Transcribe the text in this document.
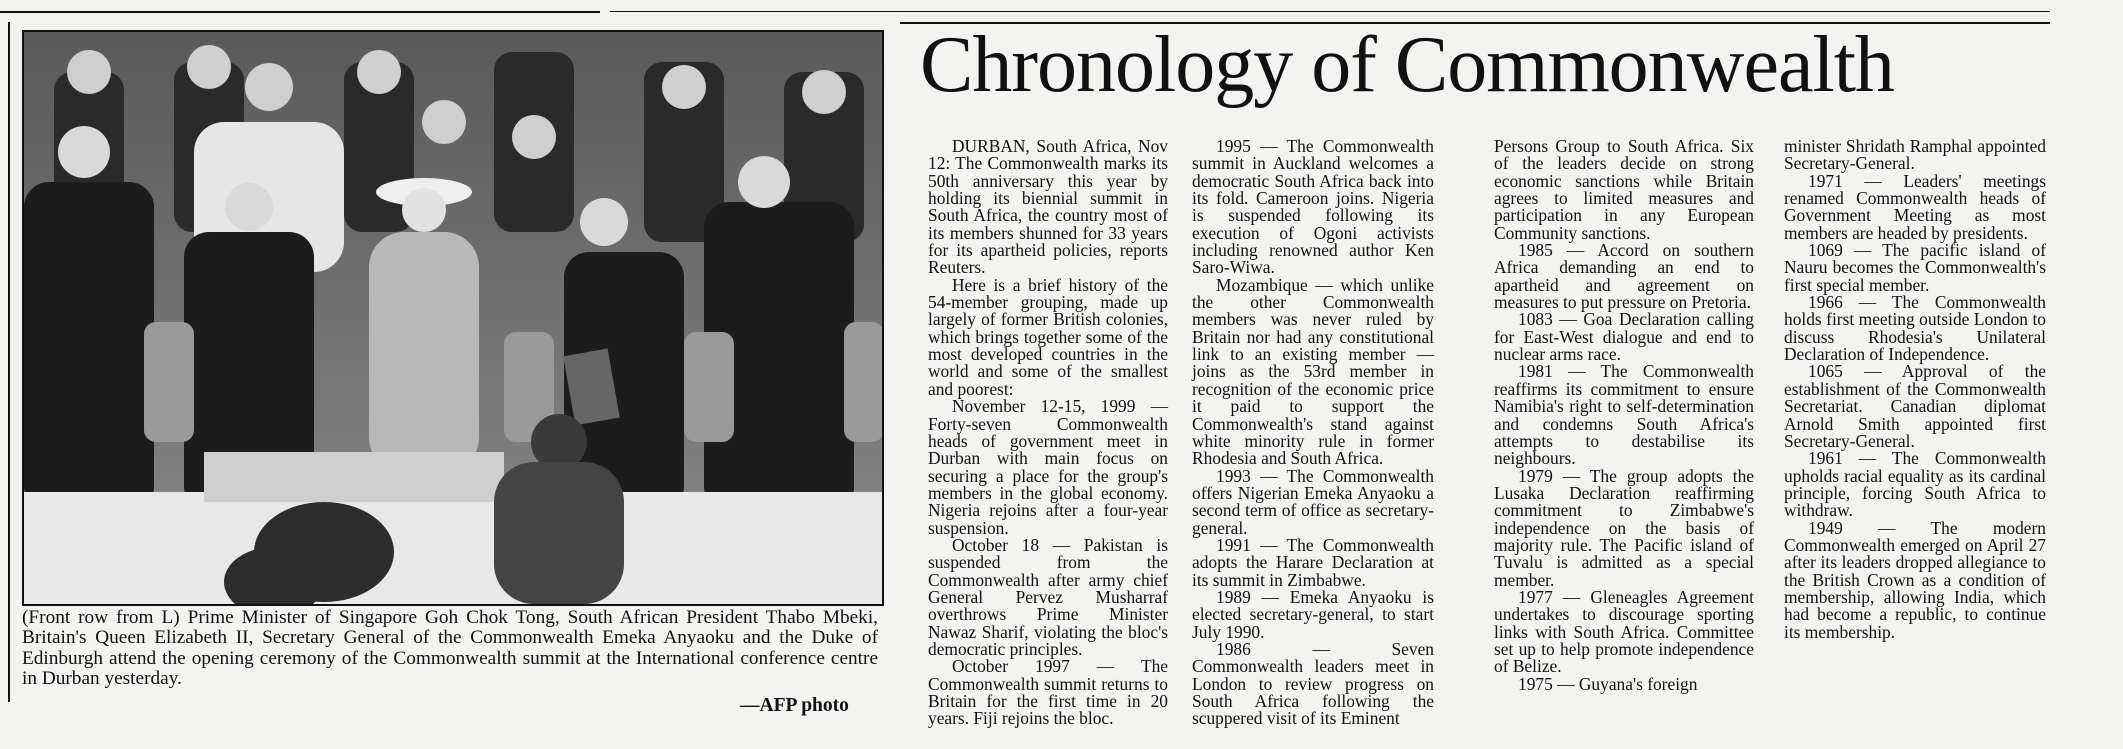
(Front row from L) Prime Minister of Singapore Goh Chok Tong, South African President Thabo Mbeki, Britain's Queen Elizabeth II, Secretary General of the Commonwealth Emeka Anyaoku and the Duke of Edinburgh attend the opening ceremony of the Commonwealth summit at the International conference centre in Durban yesterday.
—AFP photo
Chronology of Commonwealth

DURBAN, South Africa, Nov 12: The Commonwealth marks its 50th anniversary this year by holding its biennial summit in South Africa, the country most of its members shunned for 33 years for its apartheid policies, reports Reuters.

Here is a brief history of the 54-member grouping, made up largely of former British colonies, which brings together some of the most developed countries in the world and some of the smallest and poorest:

November 12-15, 1999 — Forty-seven Commonwealth heads of government meet in Durban with main focus on securing a place for the group's members in the global economy. Nigeria rejoins after a four-year suspension.

October 18 — Pakistan is suspended from the Commonwealth after army chief General Pervez Musharraf overthrows Prime Minister Nawaz Sharif, violating the bloc's democratic principles.

October 1997 — The Commonwealth summit returns to Britain for the first time in 20 years. Fiji rejoins the bloc.

1995 — The Commonwealth summit in Auckland welcomes a democratic South Africa back into its fold. Cameroon joins. Nigeria is suspended following its execution of Ogoni activists including renowned author Ken Saro-Wiwa.

Mozambique — which unlike the other Commonwealth members was never ruled by Britain nor had any constitutional link to an existing member — joins as the 53rd member in recognition of the economic price it paid to support the Commonwealth's stand against white minority rule in former Rhodesia and South Africa.

1993 — The Commonwealth offers Nigerian Emeka Anyaoku a second term of office as secretary-general.

1991 — The Commonwealth adopts the Harare Declaration at its summit in Zimbabwe.

1989 — Emeka Anyaoku is elected secretary-general, to start July 1990.

1986 — Seven Commonwealth leaders meet in London to review progress on South Africa following the scuppered visit of its Eminent

Persons Group to South Africa. Six of the leaders decide on strong economic sanctions while Britain agrees to limited measures and participation in any European Community sanctions.

1985 — Accord on southern Africa demanding an end to apartheid and agreement on measures to put pressure on Pretoria.

1083 — Goa Declaration calling for East-West dialogue and end to nuclear arms race.

1981 — The Commonwealth reaffirms its commitment to ensure Namibia's right to self-determination and condemns South Africa's attempts to destabilise its neighbours.

1979 — The group adopts the Lusaka Declaration reaffirming commitment to Zimbabwe's independence on the basis of majority rule. The Pacific island of Tuvalu is admitted as a special member.

1977 — Gleneagles Agreement undertakes to discourage sporting links with South Africa. Committee set up to help promote independence of Belize.

1975 — Guyana's foreign

minister Shridath Ramphal appointed Secretary-General.

1971 — Leaders' meetings renamed Commonwealth heads of Government Meeting as most members are headed by presidents.

1069 — The pacific island of Nauru becomes the Commonwealth's first special member.

1966 — The Commonwealth holds first meeting outside London to discuss Rhodesia's Unilateral Declaration of Independence.

1065 — Approval of the establishment of the Commonwealth Secretariat. Canadian diplomat Arnold Smith appointed first Secretary-General.

1961 — The Commonwealth upholds racial equality as its cardinal principle, forcing South Africa to withdraw.

1949 — The modern Commonwealth emerged on April 27 after its leaders dropped allegiance to the British Crown as a condition of membership, allowing India, which had become a republic, to continue its membership.
